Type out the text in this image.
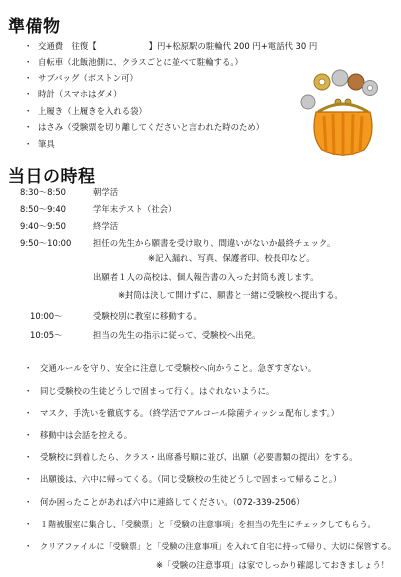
準備物
・ 交通費　往復【	】円+松原駅の駐輪代 200 円+電話代 30 円
・ 自転車（北飯池側に、クラスごとに並べて駐輪する。）
・ サブバッグ（ボストン可）
・ 時計（スマホはダメ）
・ 上履き（上履きを入れる袋）
・ はさみ（受験票を切り離してくださいと言われた時のため）
・ 筆具
当日の時程
8:30～8:50	朝学活
8:50～9:40	学年末テスト（社会）
9:40～9:50	終学活
9:50～10:00	担任の先生から願書を受け取り、間違いがないか最終チェック。
※記入漏れ、写真、保護者印、校長印など。
出願者１人の高校は、個人報告書の入った封筒も渡します。
※封筒は決して開けずに、願書と一緒に受験校へ提出する。
10:00～	受験校別に教室に移動する。
10:05～	担当の先生の指示に従って、受験校へ出発。
・ 交通ルールを守り、安全に注意して受験校へ向かうこと。急ぎすぎない。
・ 同じ受験校の生徒どうしで固まって行く。はぐれないように。
・ マスク、手洗いを徹底する。（終学活でアルコール除菌ティッシュ配布します。）
・ 移動中は会話を控える。
・ 受験校に到着したら、クラス・出席番号順に並び、出願（必要書類の提出）をする。
・ 出願後は、六中に帰ってくる。（同じ受験校の生徒どうしで固まって帰ること。）
・ 何か困ったことがあれば六中に連絡してください。（072-339-2506）
・ １階被服室に集合し、「受験票」と「受験の注意事項」を担当の先生にチェックしてもらう。
・ クリアファイルに「受験票」と「受験の注意事項」を入れて自宅に持って帰り、大切に保管する。
※「受験の注意事項」は家でしっかり確認しておきましょう！
